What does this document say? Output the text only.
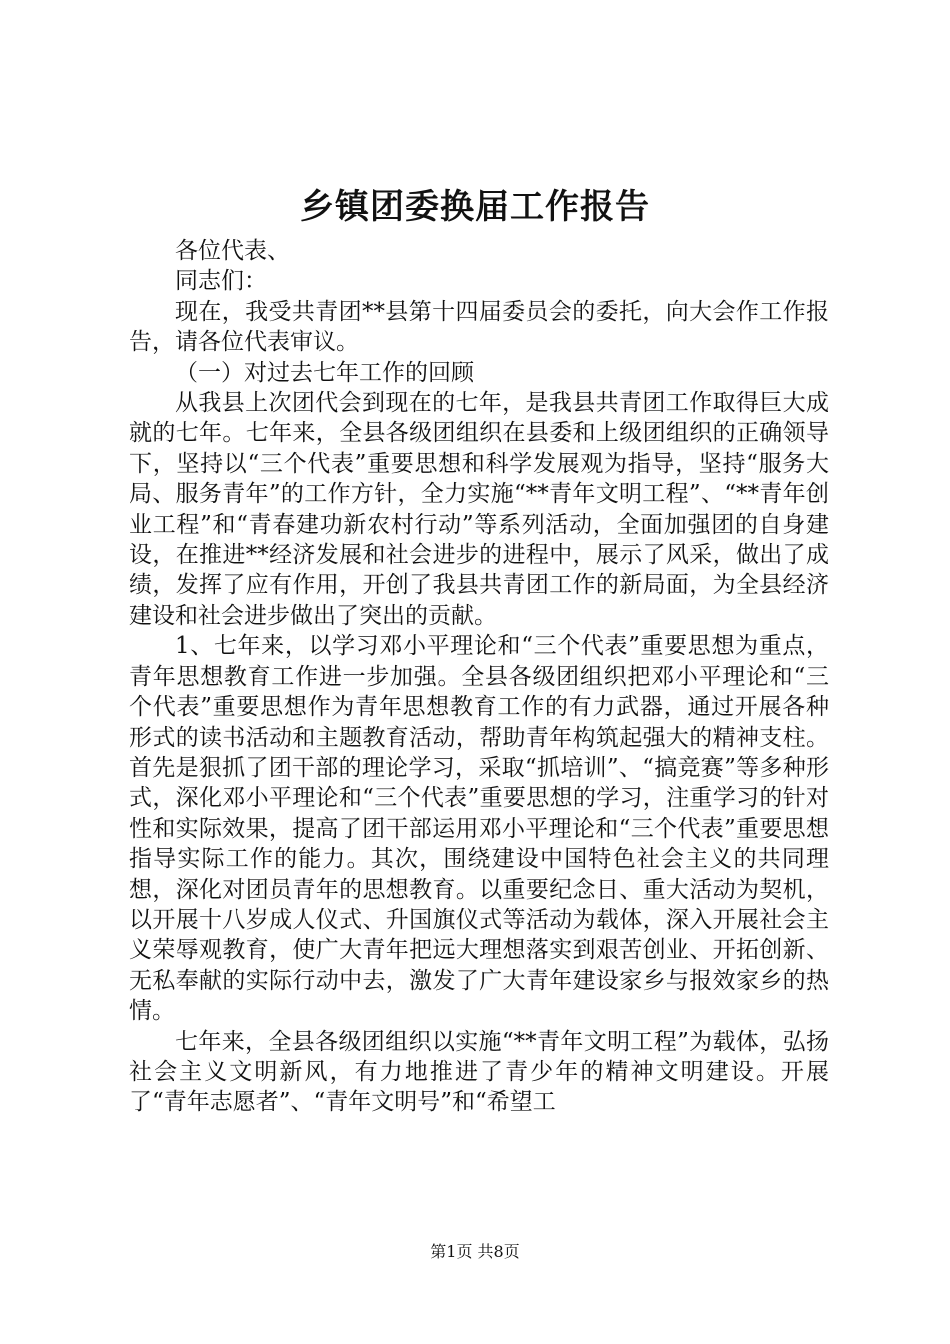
乡镇团委换届工作报告

各位代表、

同志们：

现在，我受共青团**县第十四届委员会的委托，向大会作工作报告，请各位代表审议。

（一）对过去七年工作的回顾

从我县上次团代会到现在的七年，是我县共青团工作取得巨大成就的七年。七年来，全县各级团组织在县委和上级团组织的正确领导下，坚持以“三个代表”重要思想和科学发展观为指导，坚持“服务大局、服务青年”的工作方针，全力实施“**青年文明工程”、“**青年创业工程”和“青春建功新农村行动”等系列活动，全面加强团的自身建设，在推进**经济发展和社会进步的进程中，展示了风采，做出了成绩，发挥了应有作用，开创了我县共青团工作的新局面，为全县经济建设和社会进步做出了突出的贡献。

1、七年来，以学习邓小平理论和“三个代表”重要思想为重点，青年思想教育工作进一步加强。全县各级团组织把邓小平理论和“三个代表”重要思想作为青年思想教育工作的有力武器，通过开展各种形式的读书活动和主题教育活动，帮助青年构筑起强大的精神支柱。首先是狠抓了团干部的理论学习，采取“抓培训”、“搞竞赛”等多种形式，深化邓小平理论和“三个代表”重要思想的学习，注重学习的针对性和实际效果，提高了团干部运用邓小平理论和“三个代表”重要思想指导实际工作的能力。其次，围绕建设中国特色社会主义的共同理想，深化对团员青年的思想教育。以重要纪念日、重大活动为契机，以开展十八岁成人仪式、升国旗仪式等活动为载体，深入开展社会主义荣辱观教育，使广大青年把远大理想落实到艰苦创业、开拓创新、无私奉献的实际行动中去，激发了广大青年建设家乡与报效家乡的热情。

七年来，全县各级团组织以实施“**青年文明工程”为载体，弘扬社会主义文明新风，有力地推进了青少年的精神文明建设。开展了“青年志愿者”、“青年文明号”和“希望工

第1页 共8页
